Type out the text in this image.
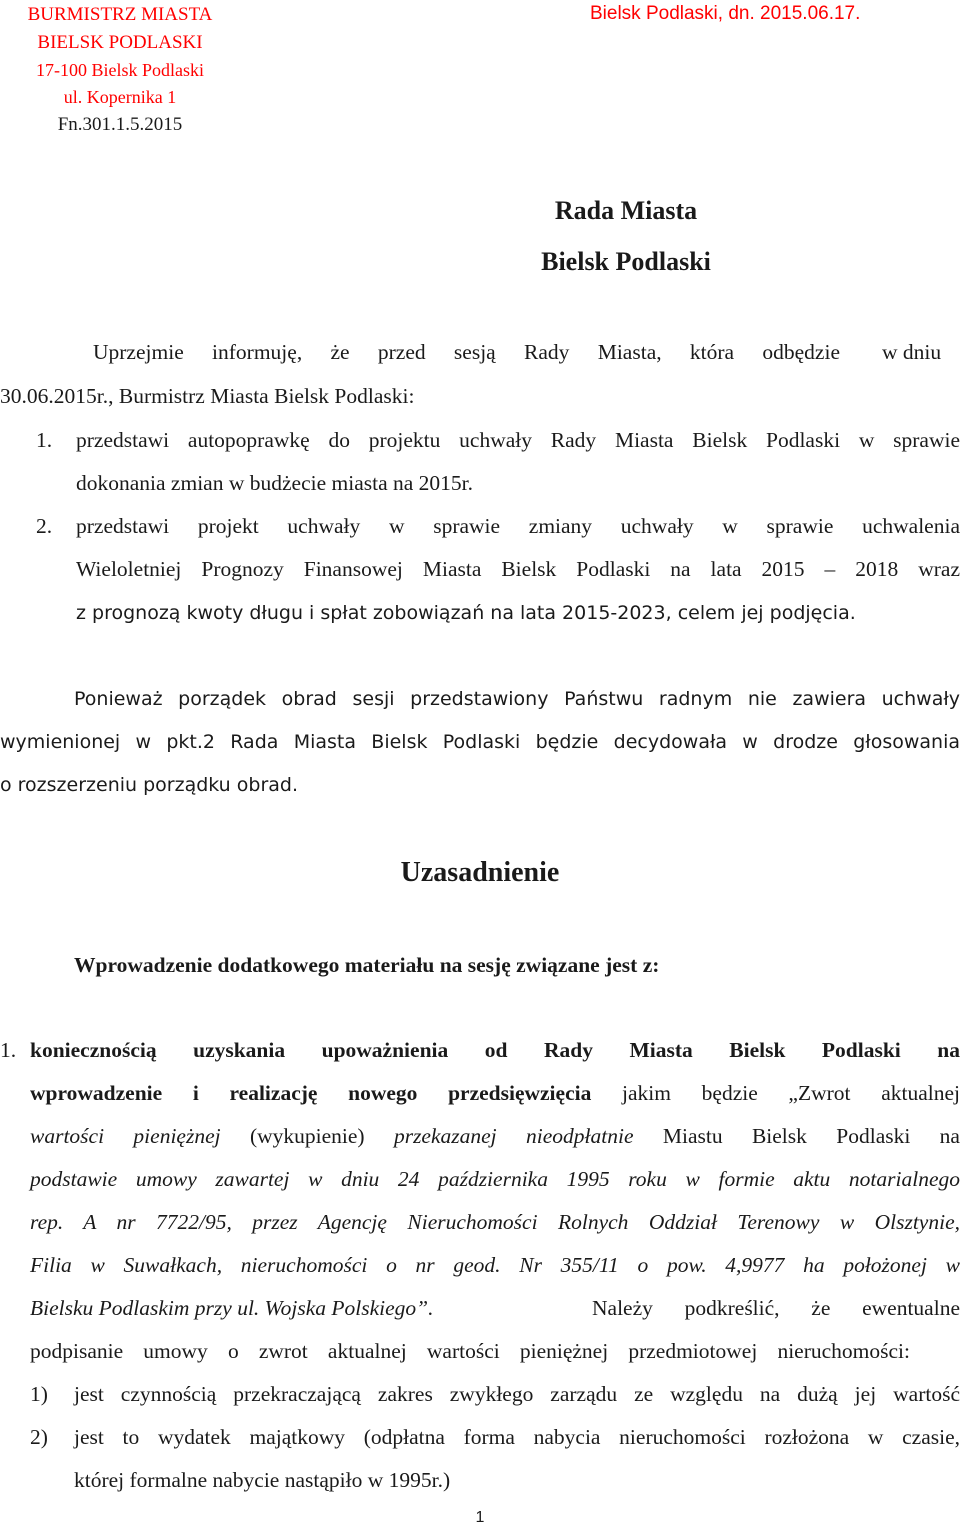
BURMISTRZ MIASTA
BIELSK PODLASKI
17-100 Bielsk Podlaski
ul. Kopernika 1
Fn.301.1.5.2015
Bielsk Podlaski, dn. 2015.06.17.
Rada Miasta
Bielsk Podlaski
Uprzejmie informuję, że przed sesją Rady Miasta, która odbędzie w dniu
30.06.2015r., Burmistrz Miasta Bielsk Podlaski:
1. przedstawi autopoprawkę do projektu uchwały Rady Miasta Bielsk Podlaski w sprawie
dokonania zmian w budżecie miasta na 2015r.
2. przedstawi projekt uchwały w sprawie zmiany uchwały w sprawie uchwalenia
Wieloletniej Prognozy Finansowej Miasta Bielsk Podlaski na lata 2015 – 2018 wraz
z prognozą kwoty długu i spłat zobowiązań na lata 2015-2023, celem jej podjęcia.
Ponieważ porządek obrad sesji przedstawiony Państwu radnym nie zawiera uchwały
wymienionej w pkt.2 Rada Miasta Bielsk Podlaski będzie decydowała w drodze głosowania
o rozszerzeniu porządku obrad.
Uzasadnienie
Wprowadzenie dodatkowego materiału na sesję związane jest z:
1. koniecznością uzyskania upoważnienia od Rady Miasta Bielsk Podlaski na
wprowadzenie i realizację nowego przedsięwzięcia jakim będzie „Zwrot aktualnej
wartości pieniężnej (wykupienie) przekazanej nieodpłatnie Miastu Bielsk Podlaski na
podstawie umowy zawartej w dniu 24 października 1995 roku w formie aktu notarialnego
rep. A nr 7722/95, przez Agencję Nieruchomości Rolnych Oddział Terenowy w Olsztynie,
Filia w Suwałkach, nieruchomości o nr geod. Nr 355/11 o pow. 4,9977 ha położonej w
Bielsku Podlaskim przy ul. Wojska Polskiego”.	Należy podkreślić, że ewentualne
podpisanie umowy o zwrot aktualnej wartości pieniężnej przedmiotowej nieruchomości:
1) jest czynnością przekraczającą zakres zwykłego zarządu ze względu na dużą jej wartość
2) jest to wydatek majątkowy (odpłatna forma nabycia nieruchomości rozłożona w czasie,
której formalne nabycie nastąpiło w 1995r.)
1
